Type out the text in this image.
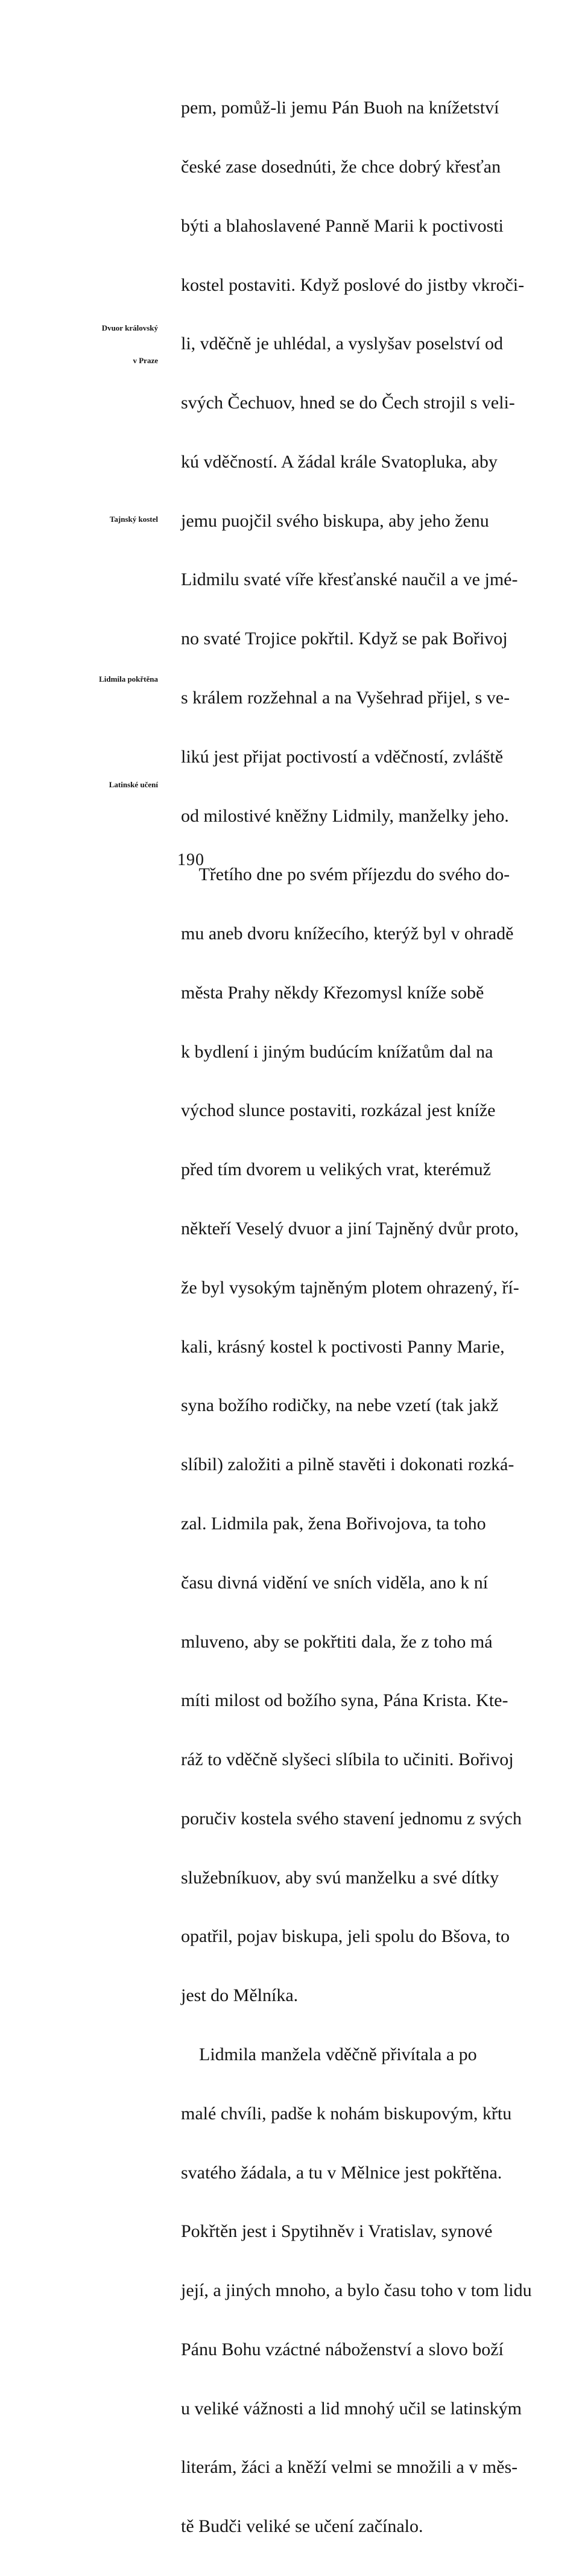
pem, pomůž-li jemu Pán Buoh na knížetství

české zase dosednúti, že chce dobrý křesťan

býti a blahoslavené Panně Marii k poctivosti

kostel postaviti. Když poslové do jistby vkroči-

li, vděčně je uhlédal, a vyslyšav poselství od

svých Čechuov, hned se do Čech strojil s veli-

kú vděčností. A žádal krále Svatopluka, aby

jemu puojčil svého biskupa, aby jeho ženu

Lidmilu svaté víře křesťanské naučil a ve jmé-

no svaté Trojice pokřtil. Když se pak Bořivoj

s králem rozžehnal a na Vyšehrad přijel, s ve-

likú jest přijat poctivostí a vděčností, zvláště

od milostivé kněžny Lidmily, manželky jeho.

Třetího dne po svém příjezdu do svého do-

mu aneb dvoru knížecího, kterýž byl v ohradě

města Prahy někdy Křezomysl kníže sobě

k bydlení i jiným budúcím knížatům dal na

východ slunce postaviti, rozkázal jest kníže

před tím dvorem u velikých vrat, kterémuž

někteří Veselý dvuor a jiní Tajněný dvůr proto,

že byl vysokým tajněným plotem ohrazený, ří-

kali, krásný kostel k poctivosti Panny Marie,

syna božího rodičky, na nebe vzetí (tak jakž

slíbil) založiti a pilně stavěti i dokonati rozká-

zal. Lidmila pak, žena Bořivojova, ta toho

času divná vidění ve sních viděla, ano k ní

mluveno, aby se pokřtiti dala, že z toho má

míti milost od božího syna, Pána Krista. Kte-

ráž to vděčně slyšeci slíbila to učiniti. Bořivoj

poručiv kostela svého stavení jednomu z svých

služebníkuov, aby svú manželku a své dítky

opatřil, pojav biskupa, jeli spolu do Bšova, to

jest do Mělníka.

Lidmila manžela vděčně přivítala a po

malé chvíli, padše k nohám biskupovým, křtu

svatého žádala, a tu v Mělnice jest pokřtěna.

Pokřtěn jest i Spytihněv i Vratislav, synové

její, a jiných mnoho, a bylo času toho v tom lidu

Pánu Bohu vzáctné náboženství a slovo boží

u veliké vážnosti a lid mnohý učil se latinským

literám, žáci a kněží velmi se množili a v měs-

tě Budči veliké se učení začínalo.

Dvuor královský

v Praze

Tajnský kostel

Lidmila pokřtěna

Latinské učení

190
